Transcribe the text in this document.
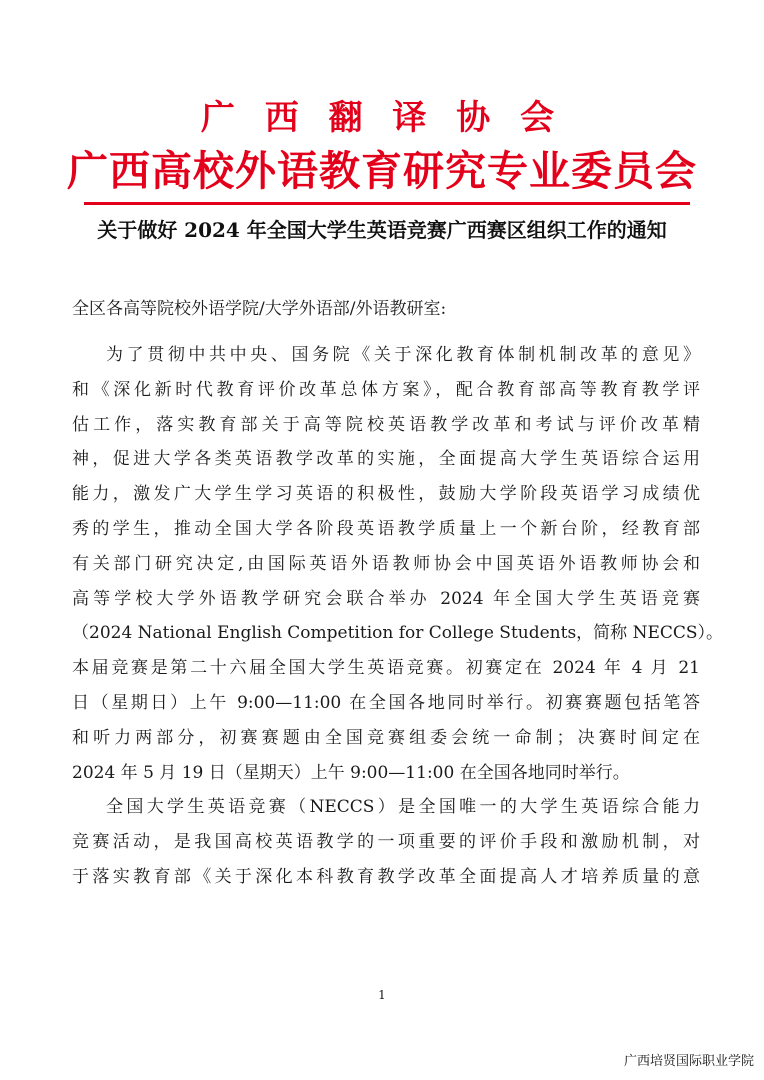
广 西 翻 译 协 会
广西高校外语教育研究专业委员会
关于做好 2024 年全国大学生英语竞赛广西赛区组织工作的通知
全区各高等院校外语学院/大学外语部/外语教研室:
为了贯彻中共中央、国务院《关于深化教育体制机制改革的意见》
和《深化新时代教育评价改革总体方案》，配合教育部高等教育教学评
估工作，落实教育部关于高等院校英语教学改革和考试与评价改革精
神，促进大学各类英语教学改革的实施，全面提高大学生英语综合运用
能力，激发广大学生学习英语的积极性，鼓励大学阶段英语学习成绩优
秀的学生，推动全国大学各阶段英语教学质量上一个新台阶，经教育部
有关部门研究决定,由国际英语外语教师协会中国英语外语教师协会和
高等学校大学外语教学研究会联合举办 2024 年全国大学生英语竞赛
（2024 National English Competition for College Students，简称 NECCS）。
本届竞赛是第二十六届全国大学生英语竞赛。初赛定在 2024 年 4 月 21
日（星期日）上午 9:00—11:00 在全国各地同时举行。初赛赛题包括笔答
和听力两部分，初赛赛题由全国竞赛组委会统一命制；决赛时间定在
2024 年 5 月 19 日（星期天）上午 9:00—11:00 在全国各地同时举行。
全国大学生英语竞赛（NECCS）是全国唯一的大学生英语综合能力
竞赛活动，是我国高校英语教学的一项重要的评价手段和激励机制，对
于落实教育部《关于深化本科教育教学改革全面提高人才培养质量的意
1
广西培贤国际职业学院
